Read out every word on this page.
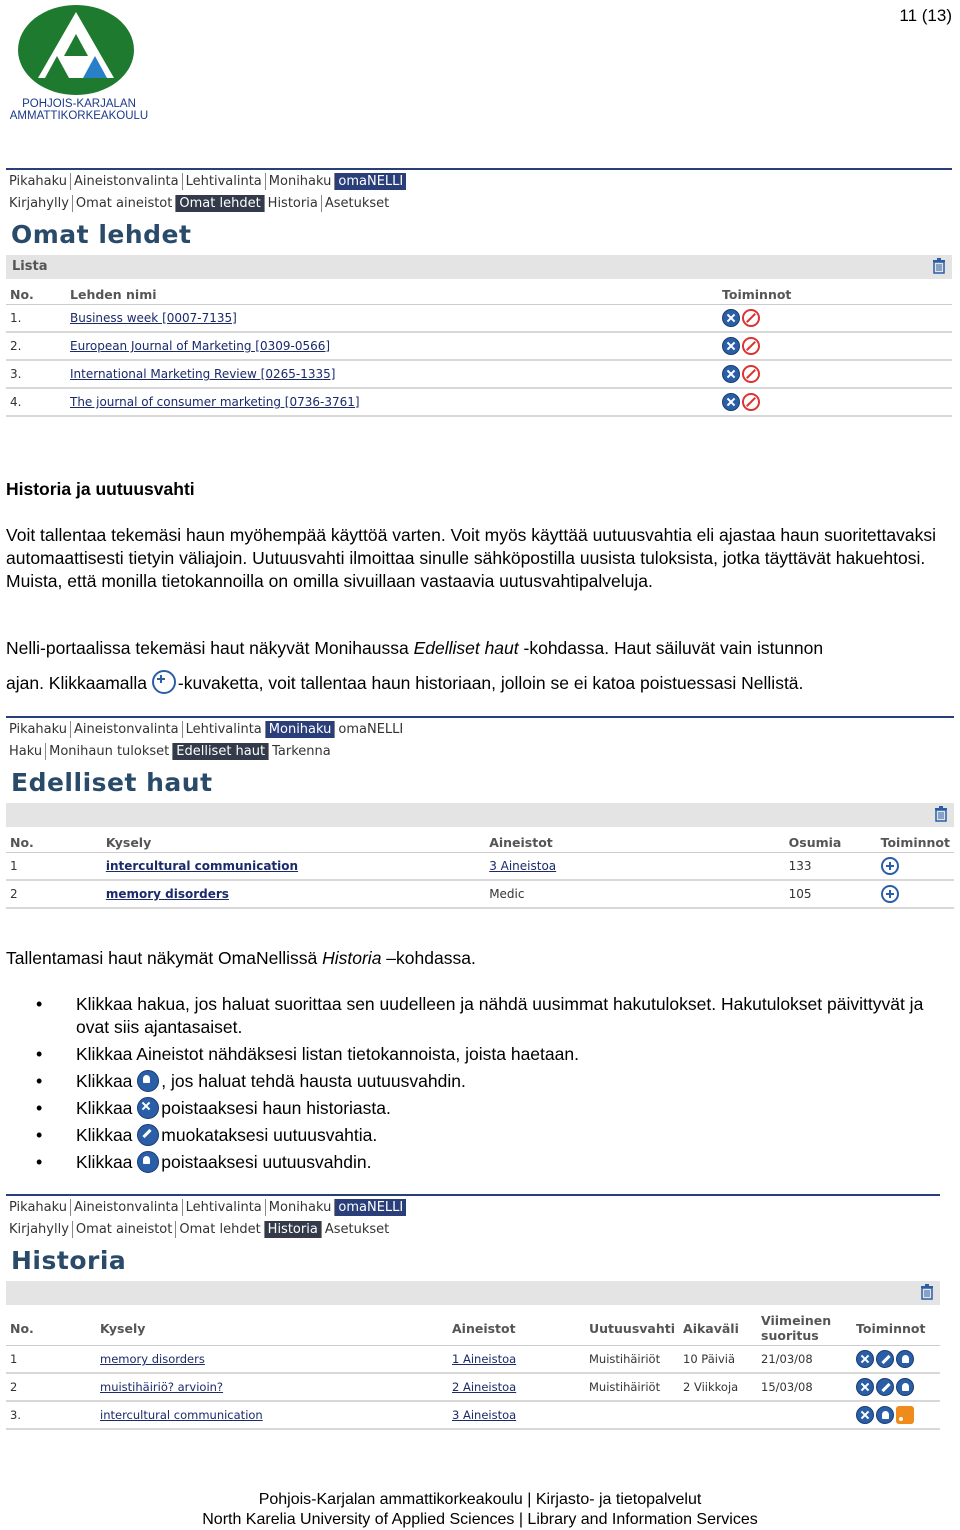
POHJOIS-KARJALAN
AMMATTIKORKEAKOULU
11 (13)
Pikahaku Aineistonvalinta Lehtivalinta Monihaku omaNELLI
Kirjahylly Omat aineistot Omat lehdet Historia Asetukset
Omat lehdet
Lista
No.	Lehden nimi	Toiminnot
1.	Business week [0007-7135]	
2.	European Journal of Marketing [0309-0566]	
3.	International Marketing Review [0265-1335]	
4.	The journal of consumer marketing [0736-3761]	
Historia ja uutuusvahti
Voit tallentaa tekemäsi haun myöhempää käyttöä varten. Voit myös käyttää uutuusvahtia eli ajastaa haun suoritettavaksi automaattisesti tietyin väliajoin. Uutuusvahti ilmoittaa sinulle sähköpostilla uusista tuloksista, jotka täyttävät hakuehtosi. Muista, että monilla tietokannoilla on omilla sivuillaan vastaavia uutusvahtipalveluja.
Nelli-portaalissa tekemäsi haut näkyvät Monihaussa Edelliset haut -kohdassa. Haut säiluvät vain istunnon
ajan. Klikkaamalla -kuvaketta, voit tallentaa haun historiaan, jolloin se ei katoa poistuessasi Nellistä.
Pikahaku Aineistonvalinta Lehtivalinta Monihaku omaNELLI
Haku Monihaun tulokset Edelliset haut Tarkenna
Edelliset haut
No.	Kysely	Aineistot	Osumia	Toiminnot
1	intercultural communication	3 Aineistoa	133	
2	memory disorders	Medic	105	
Tallentamasi haut näkymät OmaNellissä Historia –kohdassa.
• Klikkaa hakua, jos haluat suorittaa sen uudelleen ja nähdä uusimmat hakutulokset. Hakutulokset päivittyvät ja ovat siis ajantasaiset.
• Klikkaa Aineistot nähdäksesi listan tietokannoista, joista haetaan.
• Klikkaa , jos haluat tehdä hausta uutuusvahdin.
• Klikkaa poistaaksesi haun historiasta.
• Klikkaa muokataksesi uutuusvahtia.
• Klikkaa poistaaksesi uutuusvahdin.
Pikahaku Aineistonvalinta Lehtivalinta Monihaku omaNELLI
Kirjahylly Omat aineistot Omat lehdet Historia Asetukset
Historia
No.	Kysely	Aineistot	Uutuusvahti	Aikaväli	Viimeinen suoritus	Toiminnot
1	memory disorders	1 Aineistoa	Muistihäiriöt	10 Päiviä	21/03/08	
2	muistihäiriö? arvioin?	2 Aineistoa	Muistihäiriöt	2 Viikkoja	15/03/08	
3.	intercultural communication	3 Aineistoa				
Pohjois-Karjalan ammattikorkeakoulu | Kirjasto- ja tietopalvelut
North Karelia University of Applied Sciences | Library and Information Services
